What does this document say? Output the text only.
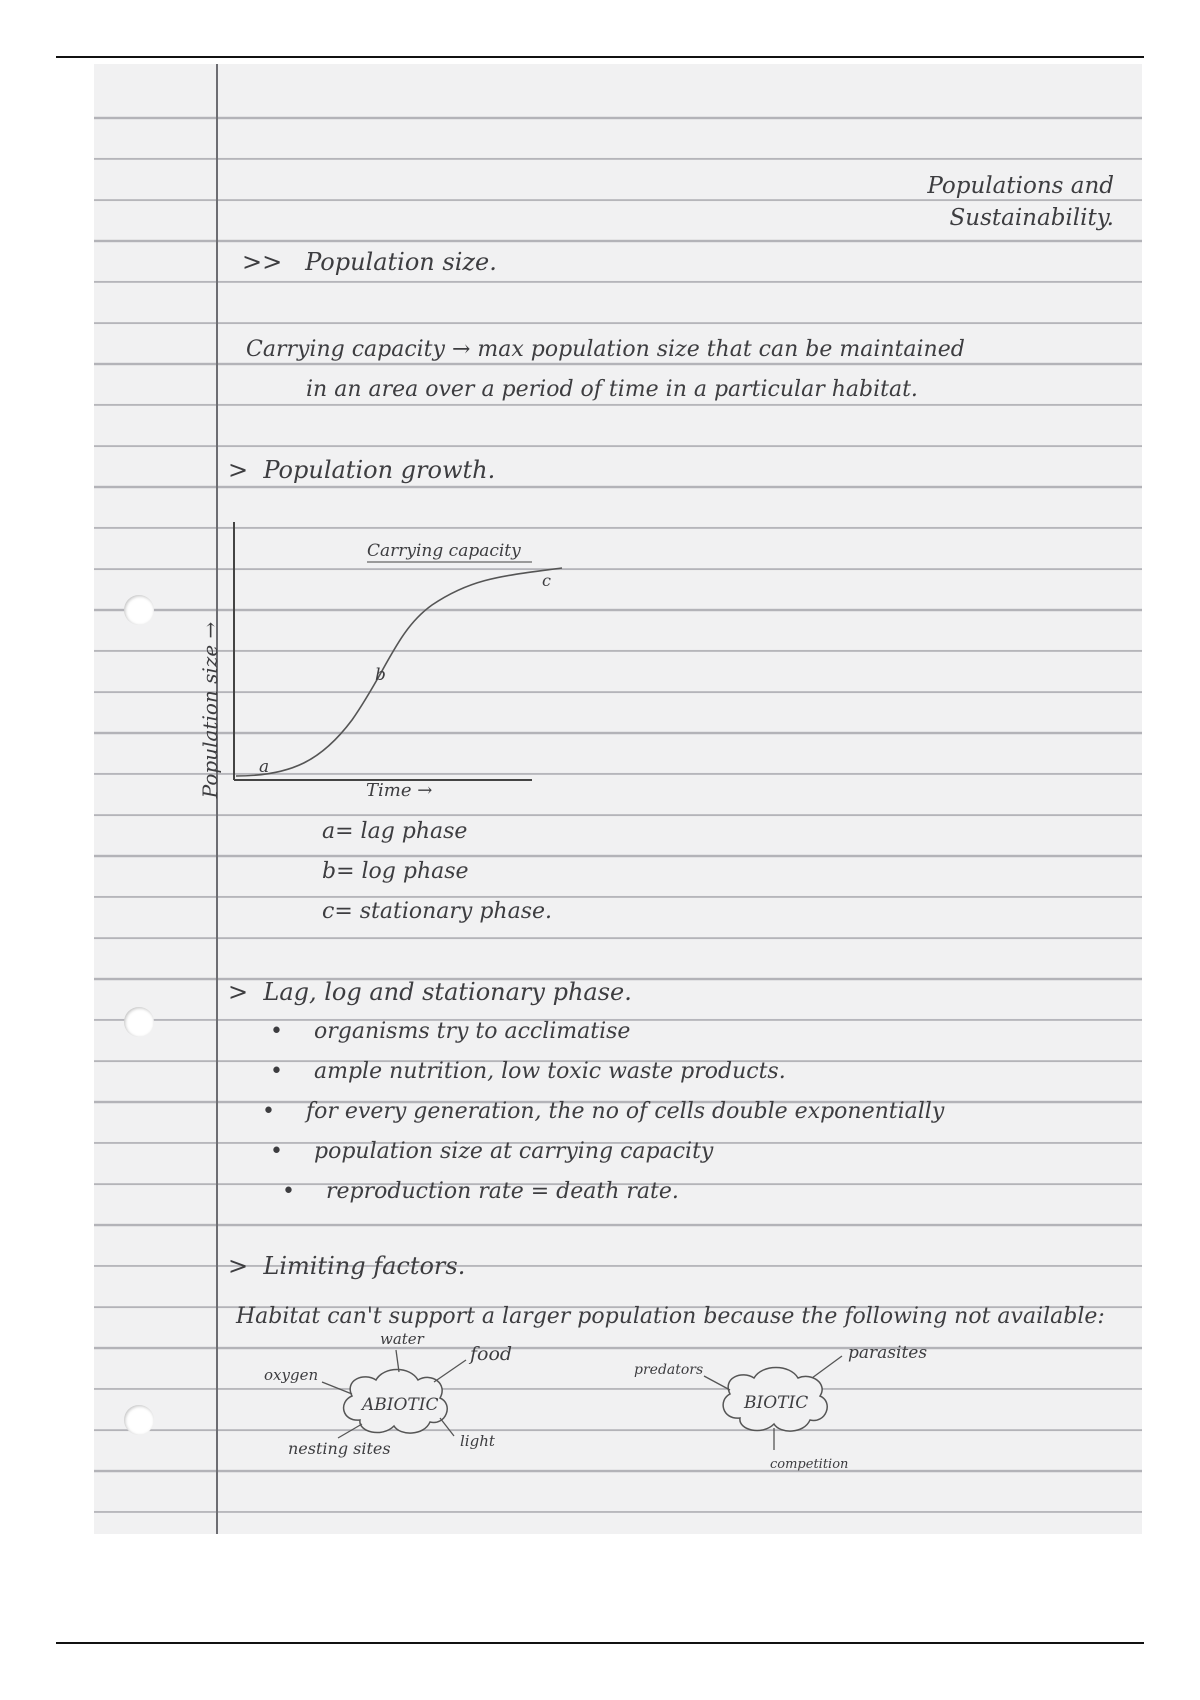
Populations and
Sustainability.
>> Population size.
Carrying capacity → max population size that can be maintained
in an area over a period of time in a particular habitat.
> Population growth.
Population size →
Carrying capacity
a
b
c
Time →
a= lag phase
b= log phase
c= stationary phase.
> Lag, log and stationary phase.
• organisms try to acclimatise
• ample nutrition, low toxic waste products.
• for every generation, the no of cells double exponentially
• population size at carrying capacity
• reproduction rate = death rate.
> Limiting factors.
Habitat can't support a larger population because the following not available:
ABIOTIC
water
food
oxygen
light
nesting sites
BIOTIC
predators
parasites
competition
